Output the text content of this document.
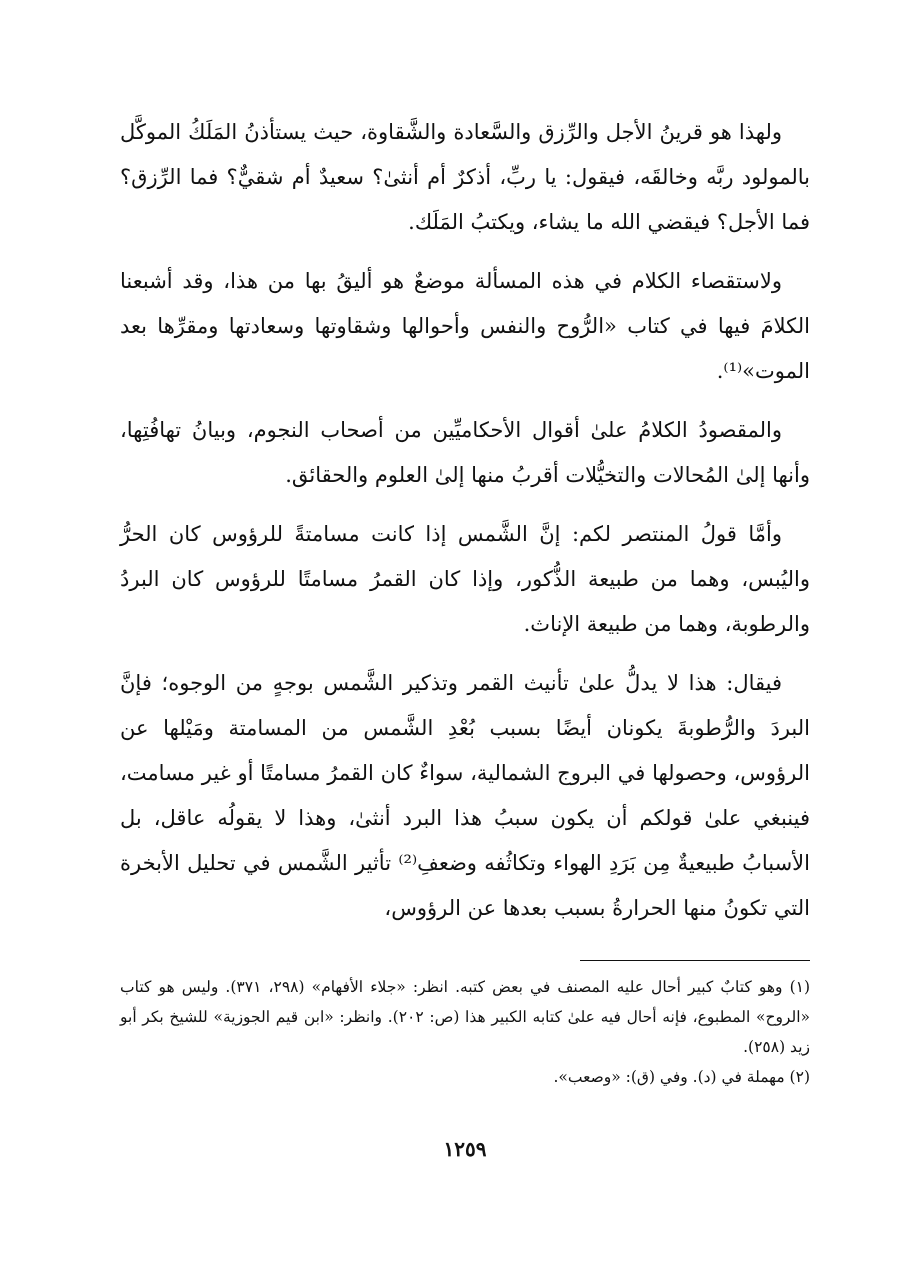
ولهذا هو قرينُ الأجل والرِّزق والسَّعادة والشَّقاوة، حيث يستأذنُ المَلَكُ الموكَّل بالمولود ربَّه وخالقَه، فيقول: يا ربِّ، أذكرٌ أم أنثىٰ؟ سعيدٌ أم شقيٌّ؟ فما الرِّزق؟ فما الأجل؟ فيقضي الله ما يشاء، ويكتبُ المَلَك.

ولاستقصاء الكلام في هذه المسألة موضعٌ هو أليقُ بها من هذا، وقد أشبعنا الكلامَ فيها في كتاب «الرُّوح والنفس وأحوالها وشقاوتها وسعادتها ومقرِّها بعد الموت»⁽¹⁾.

والمقصودُ الكلامُ علىٰ أقوال الأحكاميِّين من أصحاب النجوم، وبيانُ تهافُتِها، وأنها إلىٰ المُحالات والتخيُّلات أقربُ منها إلىٰ العلوم والحقائق.

وأمَّا قولُ المنتصر لكم: إنَّ الشَّمس إذا كانت مسامتةً للرؤوس كان الحرُّ واليُبس، وهما من طبيعة الذُّكور، وإذا كان القمرُ مسامتًا للرؤوس كان البردُ والرطوبة، وهما من طبيعة الإناث.

فيقال: هذا لا يدلُّ علىٰ تأنيث القمر وتذكير الشَّمس بوجهٍ من الوجوه؛ فإنَّ البردَ والرُّطوبةَ يكونان أيضًا بسبب بُعْدِ الشَّمس من المسامتة ومَيْلها عن الرؤوس، وحصولها في البروج الشمالية، سواءٌ كان القمرُ مسامتًا أو غير مسامت، فينبغي علىٰ قولكم أن يكون سببُ هذا البرد أنثىٰ، وهذا لا يقولُه عاقل، بل الأسبابُ طبيعيةٌ مِن بَرَدِ الهواء وتكاثُفه وضعفِ⁽²⁾ تأثير الشَّمس في تحليل الأبخرة التي تكونُ منها الحرارةُ بسبب بعدها عن الرؤوس،

(١) وهو كتابٌ كبير أحال عليه المصنف في بعض كتبه. انظر: «جلاء الأفهام» (٢٩٨، ٣٧١). وليس هو كتاب «الروح» المطبوع، فإنه أحال فيه علىٰ كتابه الكبير هذا (ص: ٢٠٢). وانظر: «ابن قيم الجوزية» للشيخ بكر أبو زيد (٢٥٨).

(٢) مهملة في (د). وفي (ق): «وصعب».

١٢٥٩
